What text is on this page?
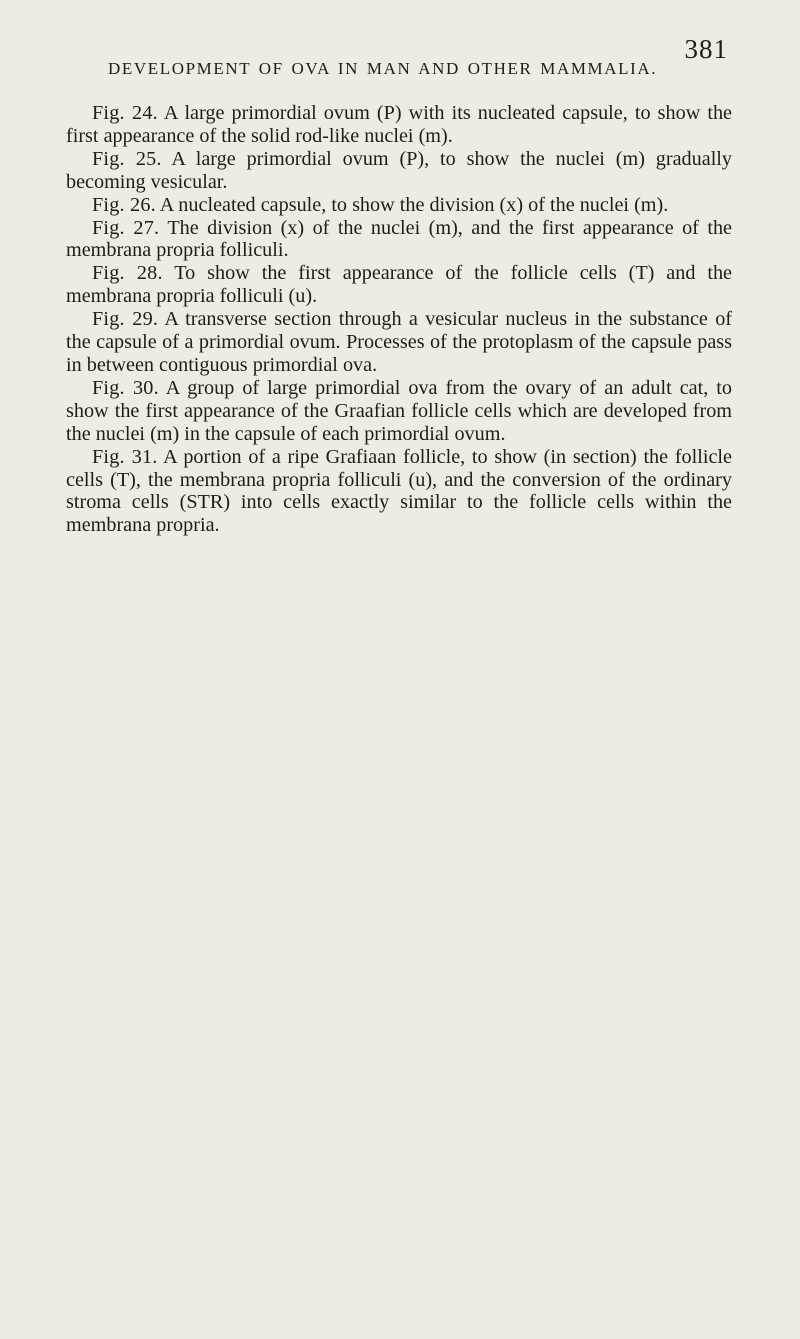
DEVELOPMENT OF OVA IN MAN AND OTHER MAMMALIA.
381

Fig. 24. A large primordial ovum (P) with its nucleated capsule, to show the first appearance of the solid rod-like nuclei (m).

Fig. 25. A large primordial ovum (P), to show the nuclei (m) gradually becoming vesicular.

Fig. 26. A nucleated capsule, to show the division (x) of the nuclei (m).

Fig. 27. The division (x) of the nuclei (m), and the first appearance of the membrana propria folliculi.

Fig. 28. To show the first appearance of the follicle cells (T) and the membrana propria folliculi (u).

Fig. 29. A transverse section through a vesicular nucleus in the substance of the capsule of a primordial ovum. Processes of the protoplasm of the capsule pass in between contiguous primordial ova.

Fig. 30. A group of large primordial ova from the ovary of an adult cat, to show the first appearance of the Graafian follicle cells which are developed from the nuclei (m) in the capsule of each primordial ovum.

Fig. 31. A portion of a ripe Grafiaan follicle, to show (in section) the follicle cells (T), the membrana propria folliculi (u), and the conversion of the ordinary stroma cells (STR) into cells exactly similar to the follicle cells within the membrana propria.
